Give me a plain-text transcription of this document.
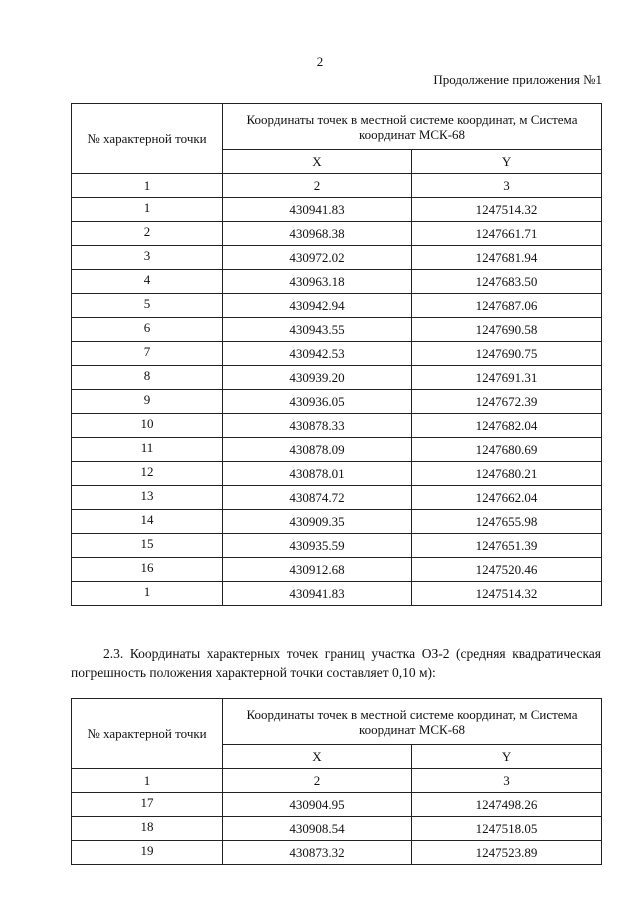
2
Продолжение приложения №1
№ характерной точки	Координаты точек в местной системе координат, м Система координат МСК-68	
	X	Y
1	2	3
1	430941.83	1247514.32
2	430968.38	1247661.71
3	430972.02	1247681.94
4	430963.18	1247683.50
5	430942.94	1247687.06
6	430943.55	1247690.58
7	430942.53	1247690.75
8	430939.20	1247691.31
9	430936.05	1247672.39
10	430878.33	1247682.04
11	430878.09	1247680.69
12	430878.01	1247680.21
13	430874.72	1247662.04
14	430909.35	1247655.98
15	430935.59	1247651.39
16	430912.68	1247520.46
1	430941.83	1247514.32
2.3. Координаты характерных точек границ участка ОЗ-2 (средняя квадратическая погрешность положения характерной точки составляет 0,10 м):
№ характерной точки	Координаты точек в местной системе координат, м Система координат МСК-68	
	X	Y
1	2	3
17	430904.95	1247498.26
18	430908.54	1247518.05
19	430873.32	1247523.89
